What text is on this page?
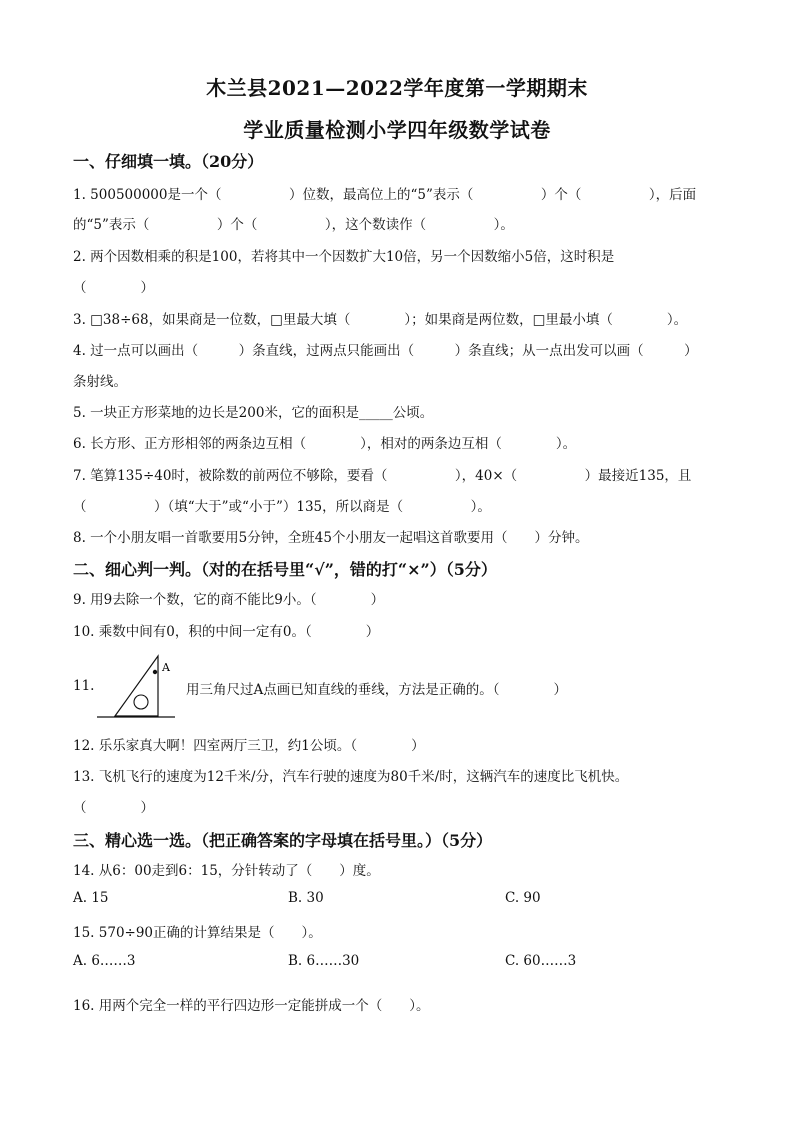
木兰县2021—2022学年度第一学期期末
学业质量检测小学四年级数学试卷
一、仔细填一填。（20分）
1. 500500000是一个（　　　　　）位数，最高位上的“5”表示（　　　　　）个（　　　　　），后面
的“5”表示（　　　　　）个（　　　　　），这个数读作（　　　　　）。
2. 两个因数相乘的积是100，若将其中一个因数扩大10倍，另一个因数缩小5倍，这时积是
（　　　　）
3. □38÷68，如果商是一位数，□里最大填（　　　　）；如果商是两位数，□里最小填（　　　　）。
4. 过一点可以画出（　　　）条直线，过两点只能画出（　　　）条直线；从一点出发可以画（　　　）
条射线。
5. 一块正方形菜地的边长是200米，它的面积是_____公顷。
6. 长方形、正方形相邻的两条边互相（　　　　），相对的两条边互相（　　　　）。
7. 笔算135÷40时，被除数的前两位不够除，要看（　　　　　），40×（　　　　　）最接近135，且
（　　　　　）（填“大于”或“小于”）135，所以商是（　　　　　）。
8. 一个小朋友唱一首歌要用5分钟，全班45个小朋友一起唱这首歌要用（　　）分钟。
二、细心判一判。（对的在括号里“√”，错的打“×”）（5分）
9. 用9去除一个数，它的商不能比9小。（　　　　）
10. 乘数中间有0，积的中间一定有0。（　　　　）
11.
A
用三角尺过A点画已知直线的垂线，方法是正确的。（　　　　）
12. 乐乐家真大啊！四室两厅三卫，约1公顷。（　　　　）
13. 飞机飞行的速度为12千米/分，汽车行驶的速度为80千米/时，这辆汽车的速度比飞机快。
（　　　　）
三、精心选一选。（把正确答案的字母填在括号里。）（5分）
14. 从6：00走到6：15，分针转动了（　　）度。
A. 15	B. 30	C. 90
15. 570÷90正确的计算结果是（　　）。
A. 6……3	B. 6……30	C. 60……3
16. 用两个完全一样的平行四边形一定能拼成一个（　　）。
